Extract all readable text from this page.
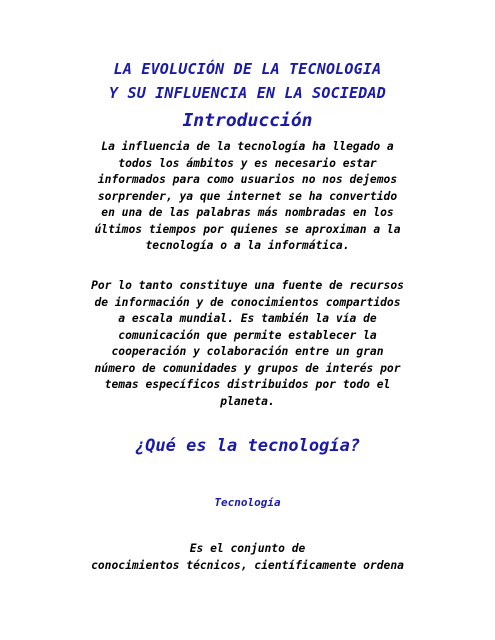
LA EVOLUCIÓN DE LA TECNOLOGIA
Y SU INFLUENCIA EN LA SOCIEDAD
Introducción
La influencia de la tecnología ha llegado a
todos los ámbitos y es necesario estar
informados para como usuarios no nos dejemos
sorprender, ya que internet se ha convertido
en una de las palabras más nombradas en los
últimos tiempos por quienes se aproximan a la
tecnología o a la informática.
Por lo tanto constituye una fuente de recursos
de información y de conocimientos compartidos
a escala mundial. Es también la vía de
comunicación que permite establecer la
cooperación y colaboración entre un gran
número de comunidades y grupos de interés por
temas específicos distribuidos por todo el
planeta.
¿Qué es la tecnología?
Tecnología
Es el conjunto de
conocimientos técnicos, científicamente ordena
